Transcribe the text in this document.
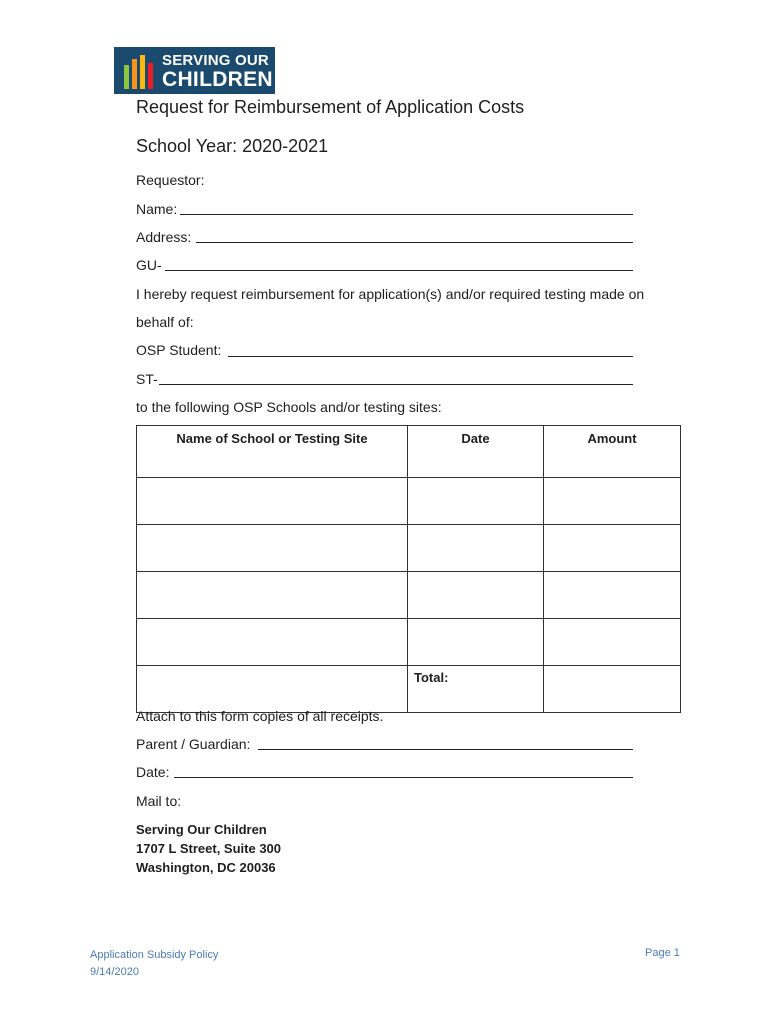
SERVING OUR
CHILDREN
Request for Reimbursement of Application Costs
School Year: 2020-2021
Requestor:
Name:
Address:
GU-
I hereby request reimbursement for application(s) and/or required testing made on
behalf of:
OSP Student:
ST-
to the following OSP Schools and/or testing sites:
Name of School or Testing Site	Date	Amount

	Total:	

Attach to this form copies of all receipts.
Parent / Guardian:
Date:
Mail to:
Serving Our Children
1707 L Street, Suite 300
Washington, DC 20036
Application Subsidy Policy
9/14/2020
Page 1
